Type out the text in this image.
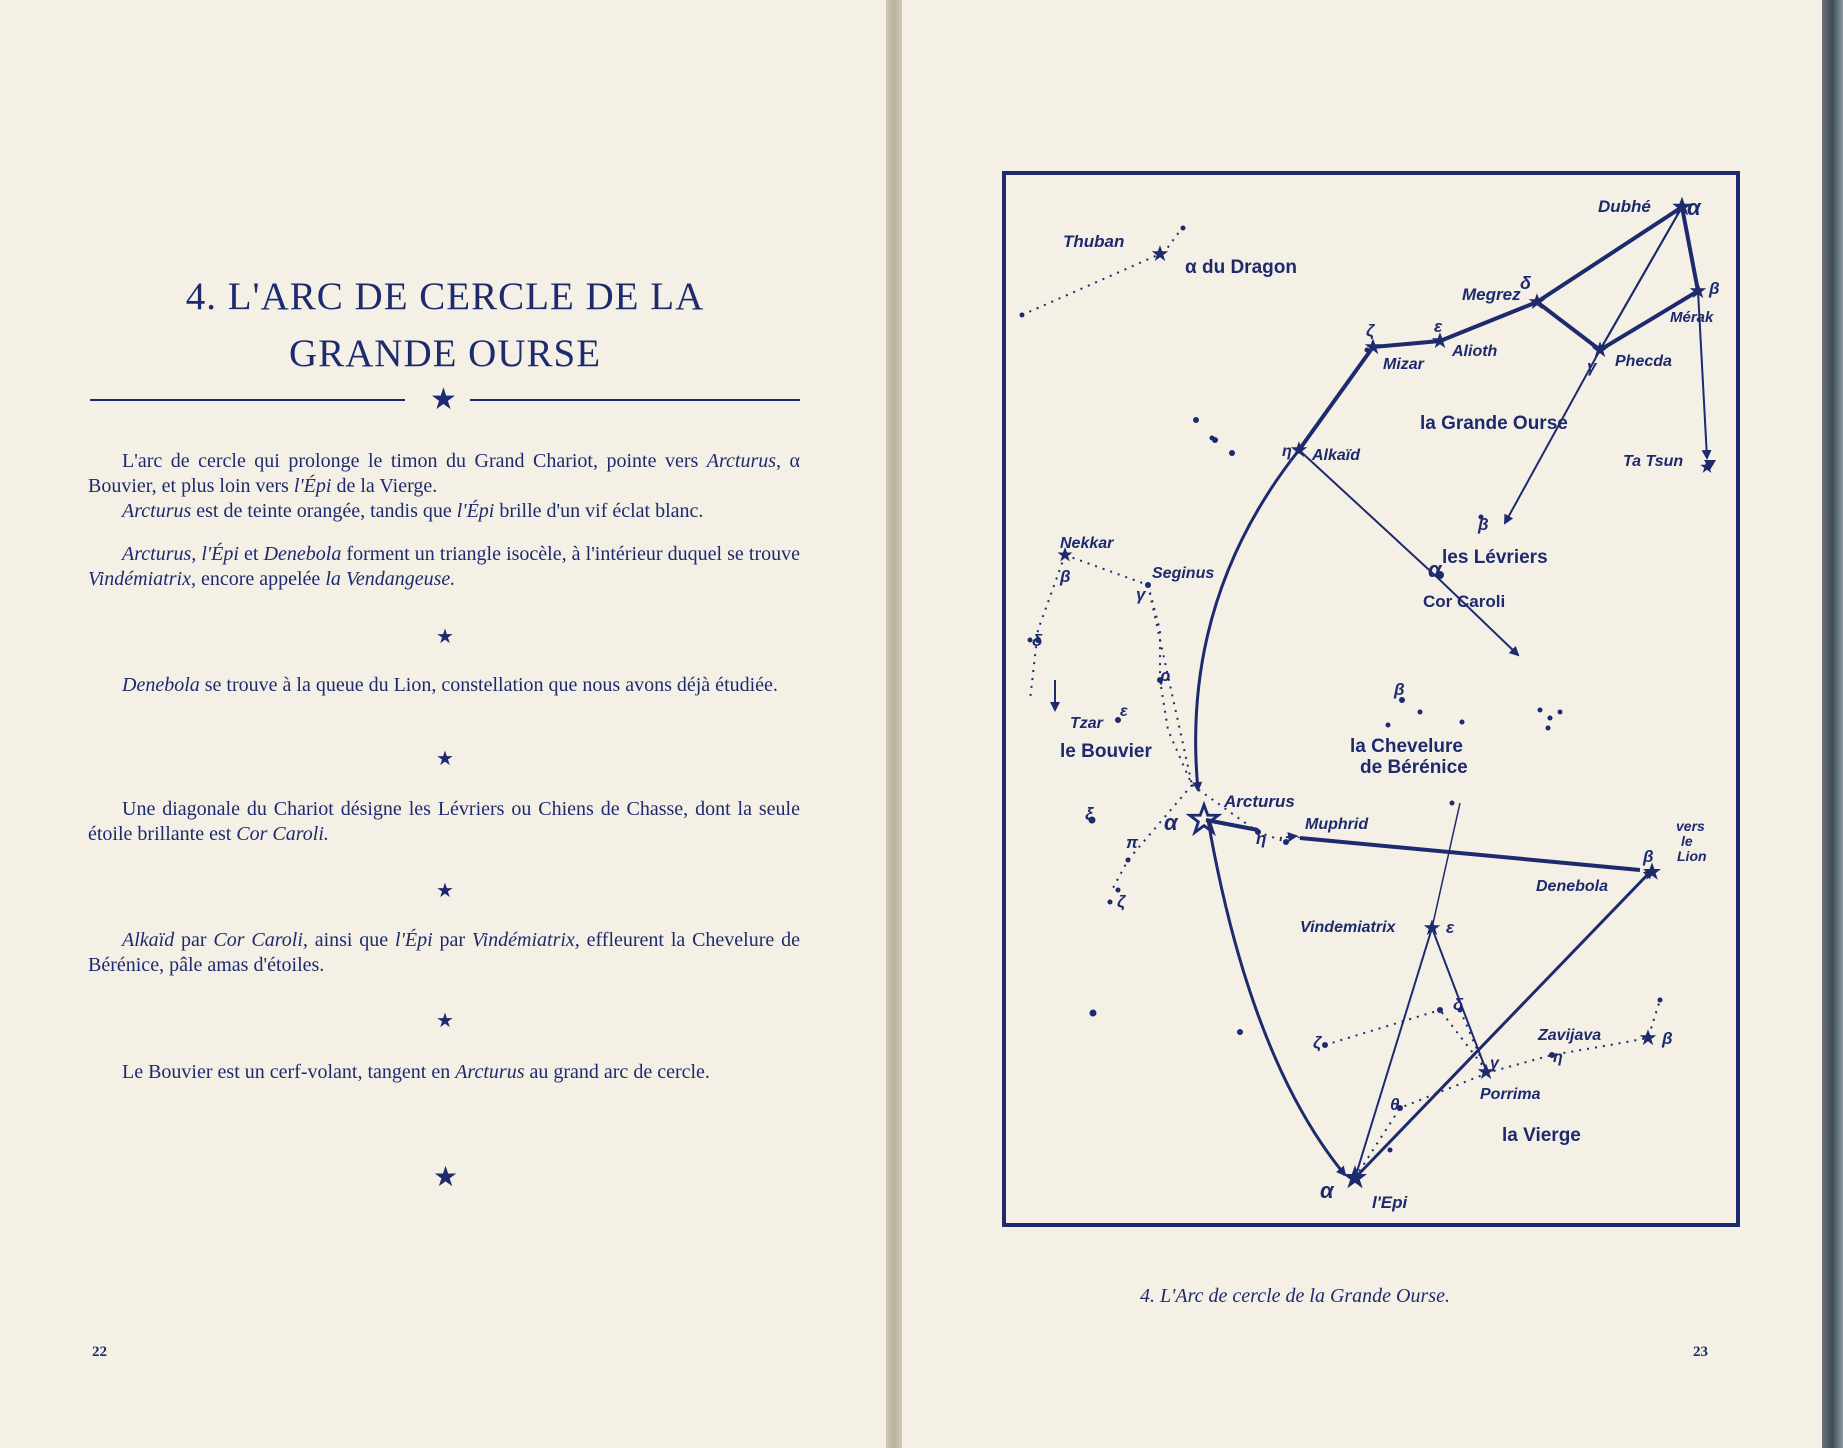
4. L'ARC DE CERCLE DE LA
GRANDE OURSE
★

L'arc de cercle qui prolonge le timon du Grand Chariot, pointe vers Arcturus, α Bouvier, et plus loin vers l'Épi de la Vierge.

Arcturus est de teinte orangée, tandis que l'Épi brille d'un vif éclat blanc.

Arcturus, l'Épi et Denebola forment un triangle isocèle, à l'intérieur duquel se trouve Vindémiatrix, encore appelée la Vendangeuse.

★

Denebola se trouve à la queue du Lion, constellation que nous avons déjà étudiée.

★

Une diagonale du Chariot désigne les Lévriers ou Chiens de Chasse, dont la seule étoile brillante est Cor Caroli.

★

Alkaïd par Cor Caroli, ainsi que l'Épi par Vindémiatrix, effleurent la Chevelure de Bérénice, pâle amas d'étoiles.

★

Le Bouvier est un cerf-volant, tangent en Arcturus au grand arc de cercle.

★
22
Thuban
Dubhé
Megrez
Mérak
Alioth
Mizar	Phecda
Alkaïd	Ta Tsun
Nekkar
Seginus
Tzar
Arcturus
Muphrid
Denebola
Vindemiatrix
Zavijava
Porrima
l'Epi
vers
le
Lion
α du Dragon
la Grande Ourse
les Lévriers
Cor Caroli
le Bouvier	la Chevelure
de Bérénice
la Vierge
α
δ	β
ε
ζ
γ
η
β
α
β
γ
δ
ρ
ε
β
ξ
π
ζ
α
η
β
ε
δ
ζ
η
β
γ
θ
α
4. L'Arc de cercle de la Grande Ourse.
23
